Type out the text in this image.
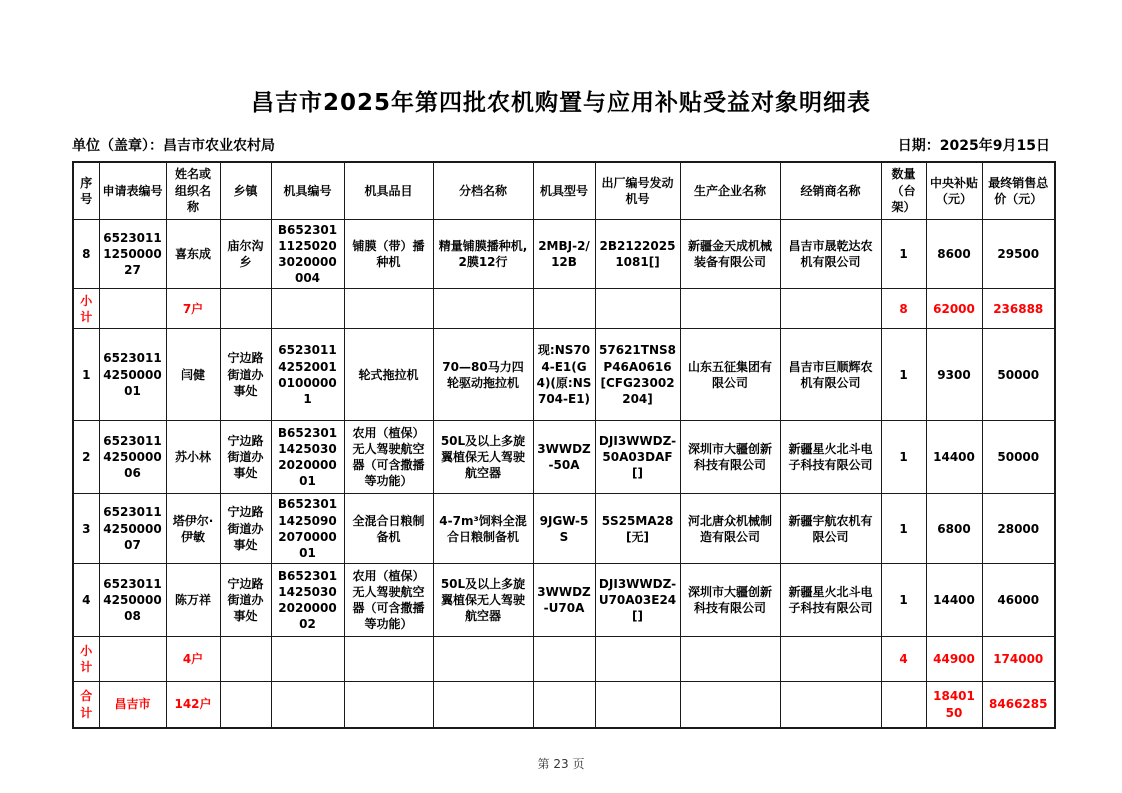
昌吉市2025年第四批农机购置与应用补贴受益对象明细表
单位（盖章）：昌吉市农业农村局	日期：2025年9月15日
序号	申请表编号	姓名或组织名称	乡镇	机具编号	机具品目	分档名称	机具型号	出厂编号发动机号	生产企业名称	经销商名称	数量（台架）	中央补贴（元）	最终销售总价（元）
8	6523011125000027	喜东成	庙尔沟乡	B65230111250203020000004	铺膜（带）播种机	精量铺膜播种机,2膜12行	2MBJ-2/12B	2B21220251081[]	新疆金天成机械装备有限公司	昌吉市晟乾达农机有限公司	1	8600	29500
小计		7户									8	62000	236888
1	6523011425000001	闫健	宁边路街道办事处	6523011425200101000001	轮式拖拉机	70—80马力四轮驱动拖拉机	现:NS704-E1(G4)(原:NS704-E1)	57621TNS8P46A0616[CFG23002204]	山东五征集团有限公司	昌吉市巨顺辉农机有限公司	1	9300	50000
2	6523011425000006	苏小林	宁边路街道办事处	B6523011425030202000001	农用（植保）无人驾驶航空器（可含撒播等功能）	50L及以上多旋翼植保无人驾驶航空器	3WWDZ-50A	DJI3WWDZ-50A03DAF[]	深圳市大疆创新科技有限公司	新疆星火北斗电子科技有限公司	1	14400	50000
3	6523011425000007	塔伊尔·伊敏	宁边路街道办事处	B6523011425090207000001	全混合日粮制备机	4-7m³饲料全混合日粮制备机	9JGW-5S	5S25MA28[无]	河北唐众机械制造有限公司	新疆宇航农机有限公司	1	6800	28000
4	6523011425000008	陈万祥	宁边路街道办事处	B6523011425030202000002	农用（植保）无人驾驶航空器（可含撒播等功能）	50L及以上多旋翼植保无人驾驶航空器	3WWDZ-U70A	DJI3WWDZ-U70A03E24[]	深圳市大疆创新科技有限公司	新疆星火北斗电子科技有限公司	1	14400	46000
小计		4户									4	44900	174000
合计	昌吉市	142户										1840150	8466285
第 23 页
